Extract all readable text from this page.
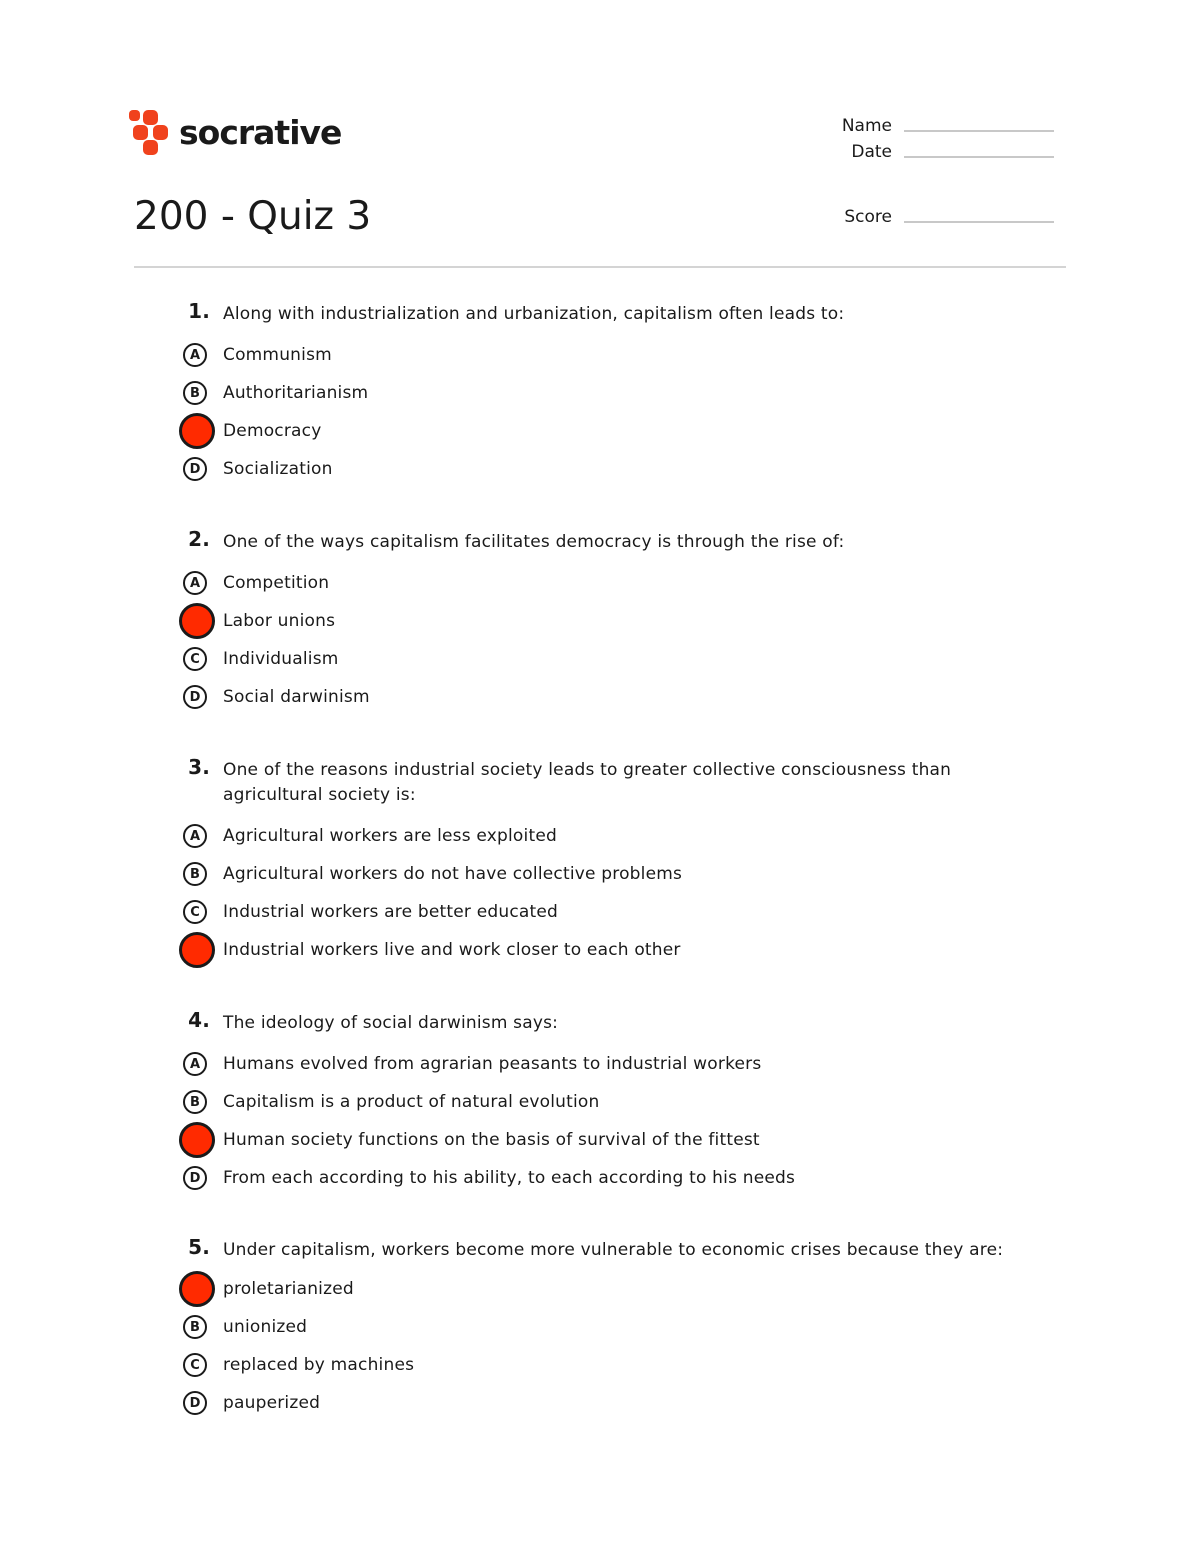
socrative	Name
Date
Score
200 - Quiz 3
1. Along with industrialization and urbanization, capitalism often leads to:
A Communism
B Authoritarianism
Democracy
D Socialization
2. One of the ways capitalism facilitates democracy is through the rise of:
A Competition
Labor unions
C Individualism
D Social darwinism
3. One of the reasons industrial society leads to greater collective consciousness than agricultural society is:
A Agricultural workers are less exploited
B Agricultural workers do not have collective problems
C Industrial workers are better educated
Industrial workers live and work closer to each other
4. The ideology of social darwinism says:
A Humans evolved from agrarian peasants to industrial workers
B Capitalism is a product of natural evolution
Human society functions on the basis of survival of the fittest
D From each according to his ability, to each according to his needs
5. Under capitalism, workers become more vulnerable to economic crises because they are:
proletarianized
B unionized
C replaced by machines
D pauperized
